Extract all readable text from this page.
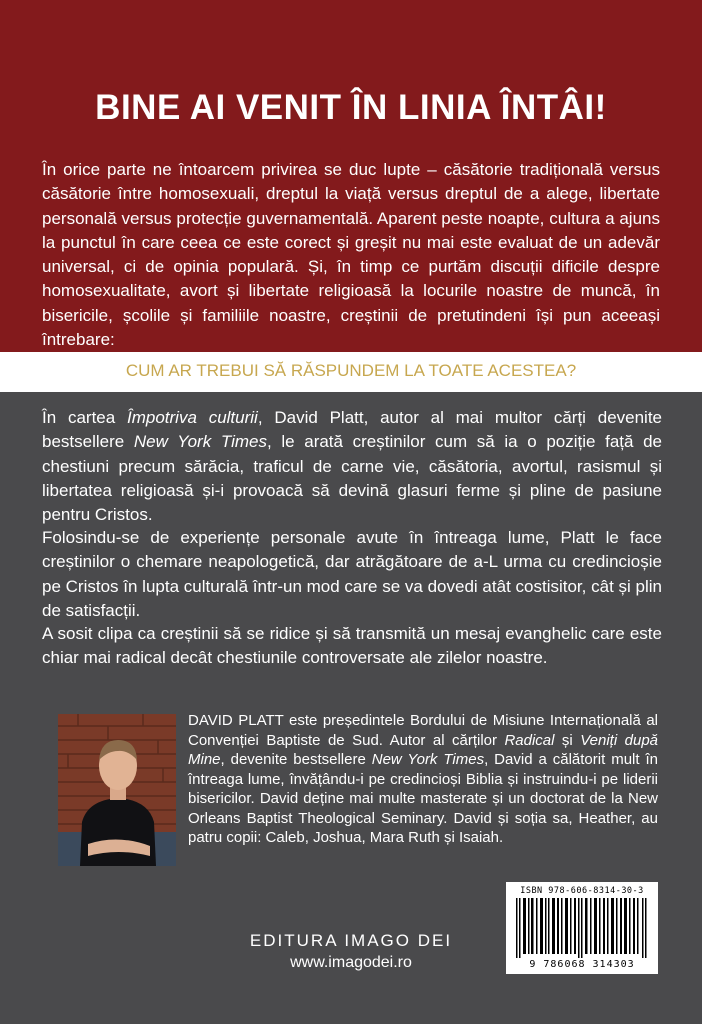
BINE AI VENIT ÎN LINIA ÎNTÂI!

În orice parte ne întoarcem privirea se duc lupte – căsătorie tradițională versus căsătorie între homosexuali, dreptul la viață versus dreptul de a alege, libertate personală versus protecție guvernamentală. Aparent peste noapte, cultura a ajuns la punctul în care ceea ce este corect și greșit nu mai este evaluat de un adevăr universal, ci de opinia populară. Și, în timp ce purtăm discuții dificile despre homosexualitate, avort și libertate religioasă la locurile noastre de muncă, în bisericile, școlile și familiile noastre, creștinii de pretutindeni își pun aceeași întrebare:

CUM AR TREBUI SĂ RĂSPUNDEM LA TOATE ACESTEA?

În cartea Împotriva culturii, David Platt, autor al mai multor cărți devenite bestsellere New York Times, le arată creștinilor cum să ia o poziție față de chestiuni precum sărăcia, traficul de carne vie, căsătoria, avortul, rasismul și libertatea religioasă și-i provoacă să devină glasuri ferme și pline de pasiune pentru Cristos.

Folosindu-se de experiențe personale avute în întreaga lume, Platt le face creștinilor o chemare neapologetică, dar atrăgătoare de a-L urma cu credincioșie pe Cristos în lupta culturală într-un mod care se va dovedi atât costisitor, cât și plin de satisfacții.

A sosit clipa ca creștinii să se ridice și să transmită un mesaj evanghelic care este chiar mai radical decât chestiunile controversate ale zilelor noastre.

DAVID PLATT este președintele Bordului de Misiune Internațională al Convenției Baptiste de Sud. Autor al cărților Radical și Veniți după Mine, devenite bestsellere New York Times, David a călătorit mult în întreaga lume, învățându-i pe credincioși Biblia și instruindu-i pe liderii bisericilor. David deține mai multe masterate și un doctorat de la New Orleans Baptist Theological Seminary. David și soția sa, Heather, au patru copii: Caleb, Joshua, Mara Ruth și Isaiah.

ISBN 978-606-8314-30-3
9 786068 314303
EDITURA IMAGO DEI
www.imagodei.ro
